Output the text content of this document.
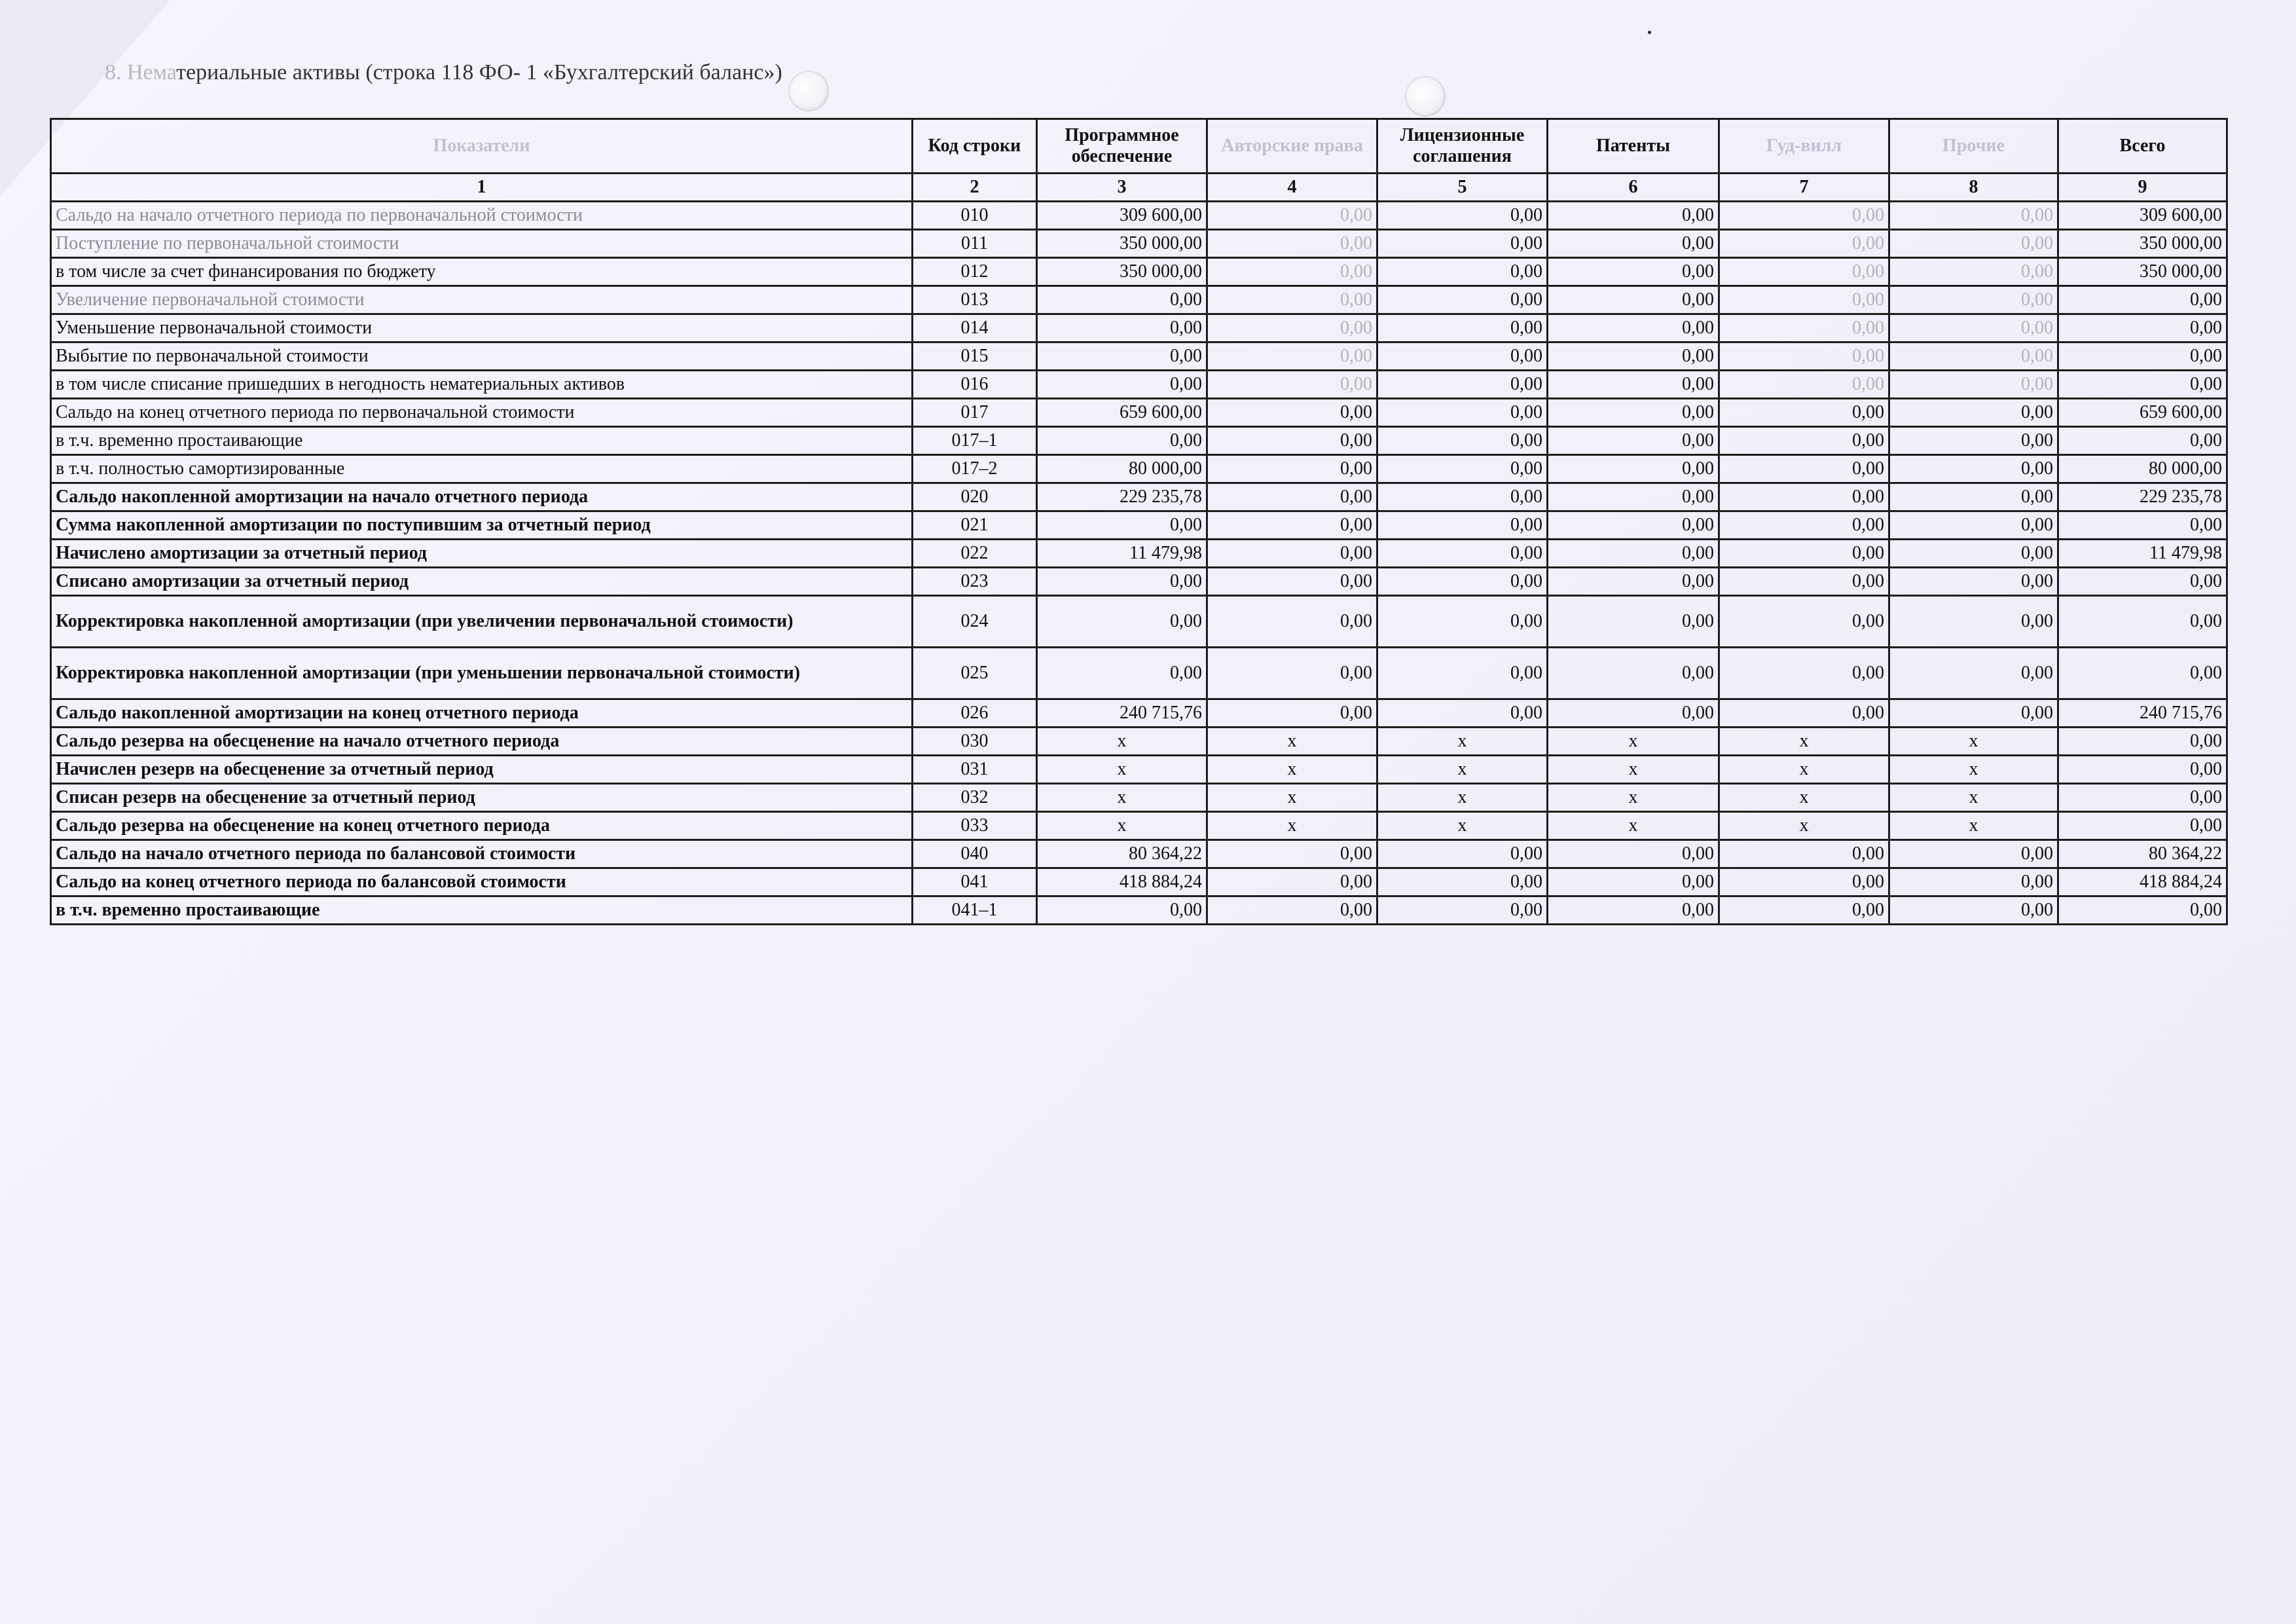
8. Нематериальные активы (строка 118 ФО- 1 «Бухгалтерский баланс»)
Показатели	Код строки	Программное обеспечение	Авторские права	Лицензионные соглашения	Патенты	Гуд-вилл	Прочие	Всего
1	2	3	4	5	6	7	8	9
Сальдо на начало отчетного периода по первоначальной стоимости	010	309 600,00	0,00	0,00	0,00	0,00	0,00	309 600,00
Поступление по первоначальной стоимости	011	350 000,00	0,00	0,00	0,00	0,00	0,00	350 000,00
в том числе за счет финансирования по бюджету	012	350 000,00	0,00	0,00	0,00	0,00	0,00	350 000,00
Увеличение первоначальной стоимости	013	0,00	0,00	0,00	0,00	0,00	0,00	0,00
Уменьшение первоначальной стоимости	014	0,00	0,00	0,00	0,00	0,00	0,00	0,00
Выбытие по первоначальной стоимости	015	0,00	0,00	0,00	0,00	0,00	0,00	0,00
в том числе списание пришедших в негодность нематериальных активов	016	0,00	0,00	0,00	0,00	0,00	0,00	0,00
Сальдо на конец отчетного периода по первоначальной стоимости	017	659 600,00	0,00	0,00	0,00	0,00	0,00	659 600,00
в т.ч. временно простаивающие	017–1	0,00	0,00	0,00	0,00	0,00	0,00	0,00
в т.ч. полностью самортизированные	017–2	80 000,00	0,00	0,00	0,00	0,00	0,00	80 000,00
Сальдо накопленной амортизации на начало отчетного периода	020	229 235,78	0,00	0,00	0,00	0,00	0,00	229 235,78
Сумма накопленной амортизации по поступившим за отчетный период	021	0,00	0,00	0,00	0,00	0,00	0,00	0,00
Начислено амортизации за отчетный период	022	11 479,98	0,00	0,00	0,00	0,00	0,00	11 479,98
Списано амортизации за отчетный период	023	0,00	0,00	0,00	0,00	0,00	0,00	0,00
Корректировка накопленной амортизации (при увеличении первоначальной стоимости)	024	0,00	0,00	0,00	0,00	0,00	0,00	0,00
Корректировка накопленной амортизации (при уменьшении первоначальной стоимости)	025	0,00	0,00	0,00	0,00	0,00	0,00	0,00
Сальдо накопленной амортизации на конец отчетного периода	026	240 715,76	0,00	0,00	0,00	0,00	0,00	240 715,76
Сальдо резерва на обесценение на начало отчетного периода	030	x	x	x	x	x	x	0,00
Начислен резерв на обесценение за отчетный период	031	x	x	x	x	x	x	0,00
Списан резерв на обесценение за отчетный период	032	x	x	x	x	x	x	0,00
Сальдо резерва на обесценение на конец отчетного периода	033	x	x	x	x	x	x	0,00
Сальдо на начало отчетного периода по балансовой стоимости	040	80 364,22	0,00	0,00	0,00	0,00	0,00	80 364,22
Сальдо на конец отчетного периода по балансовой стоимости	041	418 884,24	0,00	0,00	0,00	0,00	0,00	418 884,24
в т.ч. временно простаивающие	041–1	0,00	0,00	0,00	0,00	0,00	0,00	0,00
